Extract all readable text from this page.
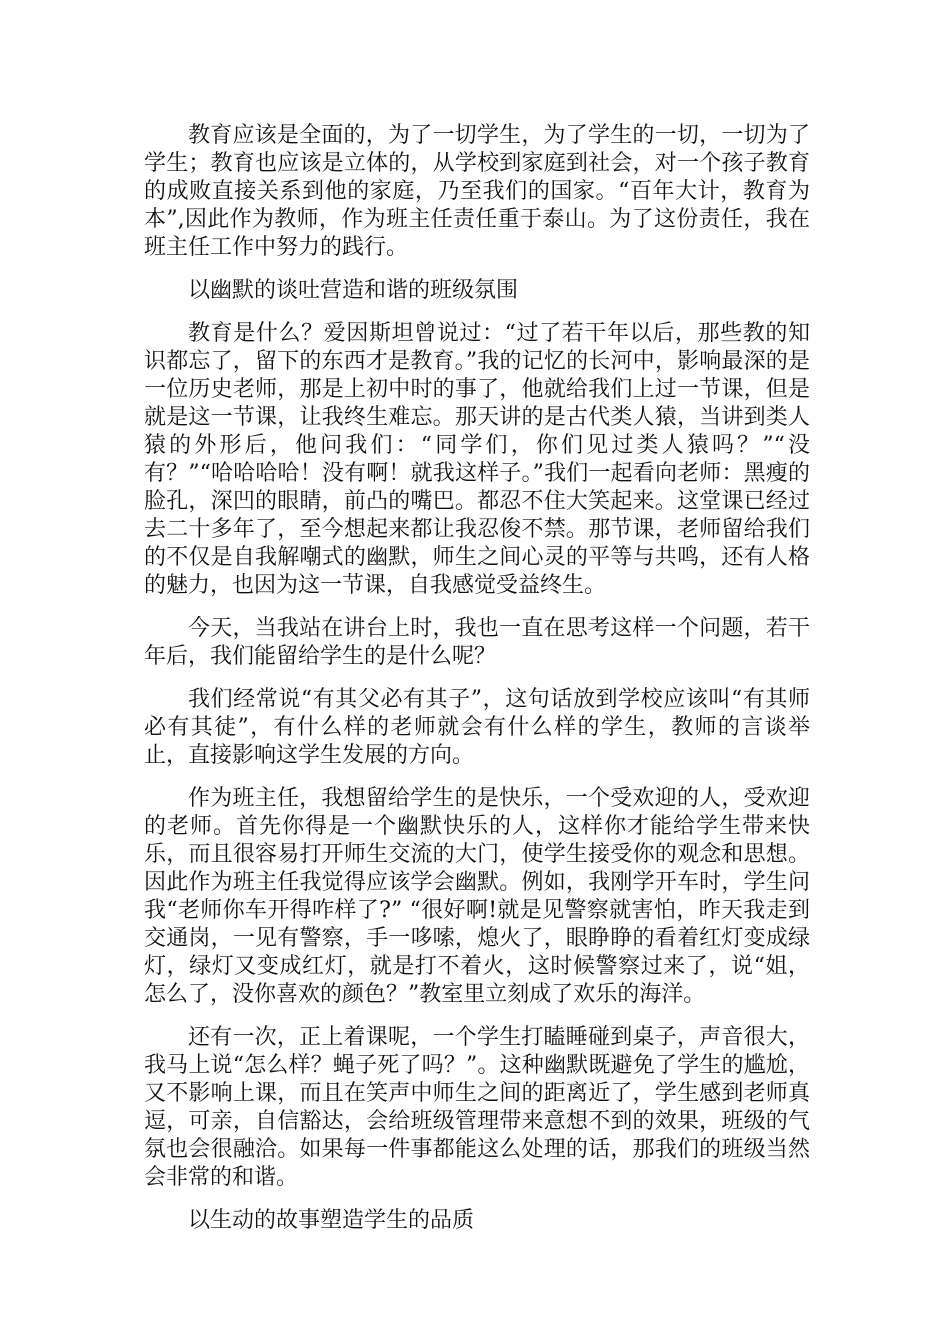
教育应该是全面的，为了一切学生，为了学生的一切，一切为了学生；教育也应该是立体的，从学校到家庭到社会，对一个孩子教育的成败直接关系到他的家庭，乃至我们的国家。“百年大计，教育为本”,因此作为教师，作为班主任责任重于泰山。为了这份责任，我在班主任工作中努力的践行。

以幽默的谈吐营造和谐的班级氛围

教育是什么？爱因斯坦曾说过：“过了若干年以后，那些教的知识都忘了，留下的东西才是教育。”我的记忆的长河中，影响最深的是一位历史老师，那是上初中时的事了，他就给我们上过一节课，但是就是这一节课，让我终生难忘。那天讲的是古代类人猿，当讲到类人猿的外形后，他问我们：“同学们，你们见过类人猿吗？”“没有？”“哈哈哈哈！没有啊！就我这样子。”我们一起看向老师：黑瘦的脸孔，深凹的眼睛，前凸的嘴巴。都忍不住大笑起来。这堂课已经过去二十多年了，至今想起来都让我忍俊不禁。那节课，老师留给我们的不仅是自我解嘲式的幽默，师生之间心灵的平等与共鸣，还有人格的魅力，也因为这一节课，自我感觉受益终生。

今天，当我站在讲台上时，我也一直在思考这样一个问题，若干年后，我们能留给学生的是什么呢？

我们经常说“有其父必有其子”，这句话放到学校应该叫“有其师必有其徒”，有什么样的老师就会有什么样的学生，教师的言谈举止，直接影响这学生发展的方向。

作为班主任，我想留给学生的是快乐，一个受欢迎的人，受欢迎的老师。首先你得是一个幽默快乐的人，这样你才能给学生带来快乐，而且很容易打开师生交流的大门，使学生接受你的观念和思想。因此作为班主任我觉得应该学会幽默。例如，我刚学开车时，学生问我“老师你车开得咋样了?” “很好啊!就是见警察就害怕，昨天我走到交通岗，一见有警察，手一哆嗦，熄火了，眼睁睁的看着红灯变成绿灯，绿灯又变成红灯，就是打不着火，这时候警察过来了，说“姐，怎么了，没你喜欢的颜色？”教室里立刻成了欢乐的海洋。

还有一次，正上着课呢，一个学生打瞌睡碰到桌子，声音很大，我马上说“怎么样？蝇子死了吗？”。这种幽默既避免了学生的尴尬，又不影响上课，而且在笑声中师生之间的距离近了，学生感到老师真逗，可亲，自信豁达，会给班级管理带来意想不到的效果，班级的气氛也会很融洽。如果每一件事都能这么处理的话，那我们的班级当然会非常的和谐。

以生动的故事塑造学生的品质
